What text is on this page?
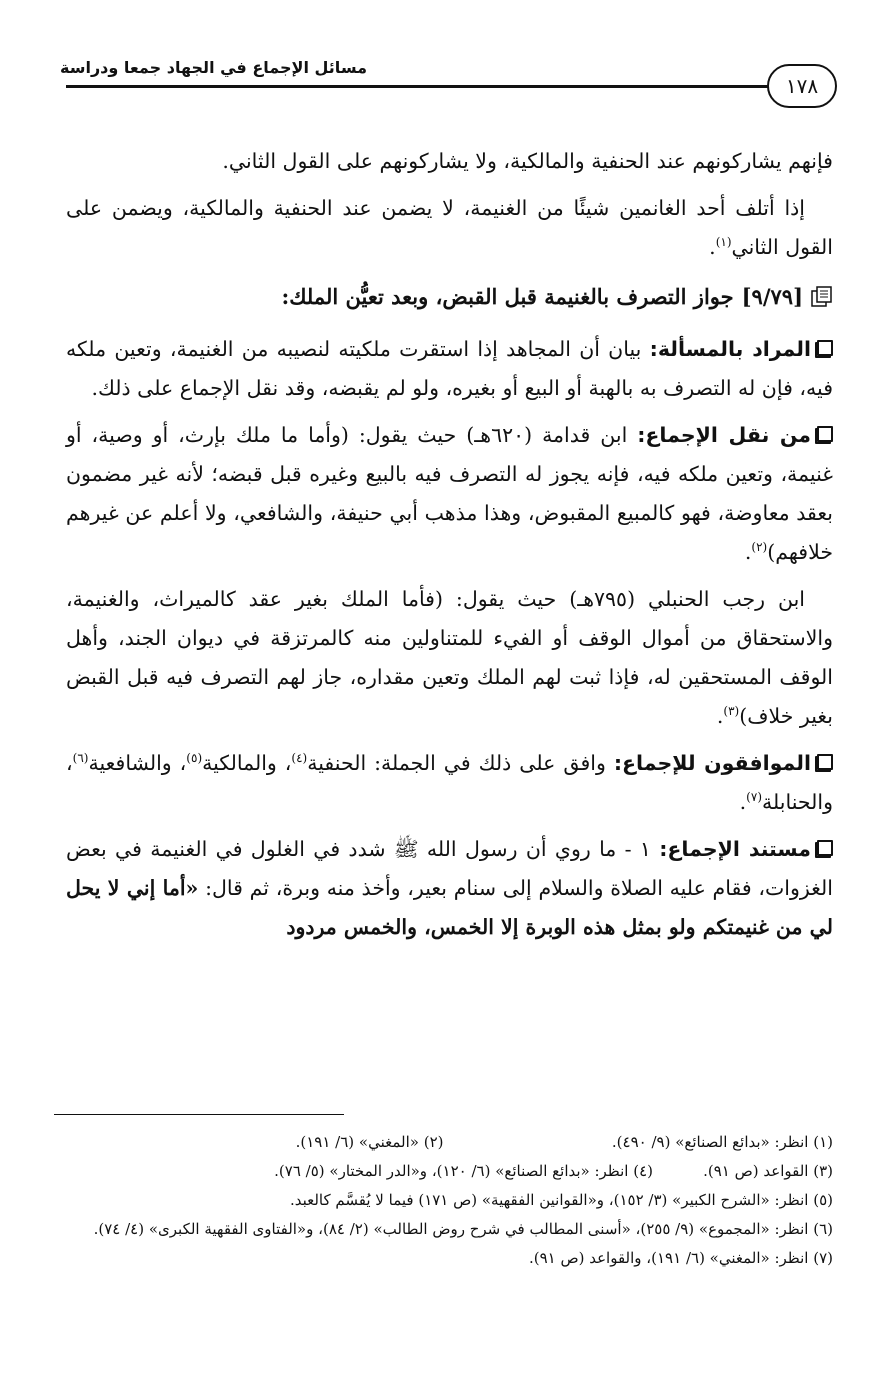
مسائل الإجماع في الجهاد جمعا ودراسة
١٧٨

فإنهم يشاركونهم عند الحنفية والمالكية، ولا يشاركونهم على القول الثاني.

إذا أتلف أحد الغانمين شيئًا من الغنيمة، لا يضمن عند الحنفية والمالكية، ويضمن على القول الثاني$^{(١)}$.

[٩/٧٩]
جواز التصرف بالغنيمة قبل القبض، وبعد تعيُّن الملك:

المراد بالمسألة: بيان أن المجاهد إذا استقرت ملكيته لنصيبه من الغنيمة، وتعين ملكه فيه، فإن له التصرف به بالهبة أو البيع أو بغيره، ولو لم يقبضه، وقد نقل الإجماع على ذلك.

من نقل الإجماع: ابن قدامة (٦٢٠هـ) حيث يقول: (وأما ما ملك بإرث، أو وصية، أو غنيمة، وتعين ملكه فيه، فإنه يجوز له التصرف فيه بالبيع وغيره قبل قبضه؛ لأنه غير مضمون بعقد معاوضة، فهو كالمبيع المقبوض، وهذا مذهب أبي حنيفة، والشافعي، ولا أعلم عن غيرهم خلافهم)$^{(٢)}$.

ابن رجب الحنبلي (٧٩٥هـ) حيث يقول: (فأما الملك بغير عقد كالميراث، والغنيمة، والاستحقاق من أموال الوقف أو الفيء للمتناولين منه كالمرتزقة في ديوان الجند، وأهل الوقف المستحقين له، فإذا ثبت لهم الملك وتعين مقداره، جاز لهم التصرف فيه قبل القبض بغير خلاف)$^{(٣)}$.

الموافقون للإجماع: وافق على ذلك في الجملة: الحنفية$^{(٤)}$، والمالكية$^{(٥)}$، والشافعية$^{(٦)}$، والحنابلة$^{(٧)}$.

مستند الإجماع: ١ - ما روي أن رسول الله ﷺ شدد في الغلول في الغنيمة في بعض الغزوات، فقام عليه الصلاة والسلام إلى سنام بعير، وأخذ منه وبرة، ثم قال: «أما إني لا يحل لي من غنيمتكم ولو بمثل هذه الوبرة إلا الخمس، والخمس مردود

(١) انظر: «بدائع الصنائع» (٩/ ٤٩٠).
(٢) «المغني» (٦/ ١٩١).
(٣) القواعد (ص ٩١).
(٤) انظر: «بدائع الصنائع» (٦/ ١٢٠)، و«الدر المختار» (٥/ ٧٦).
(٥) انظر: «الشرح الكبير» (٣/ ١٥٢)، و«القوانين الفقهية» (ص ١٧١) فيما لا يُقسَّم كالعبد.
(٦) انظر: «المجموع» (٩/ ٢٥٥)، «أسنى المطالب في شرح روض الطالب» (٢/ ٨٤)، و«الفتاوى الفقهية الكبرى» (٤/ ٧٤).
(٧) انظر: «المغني» (٦/ ١٩١)، والقواعد (ص ٩١).
